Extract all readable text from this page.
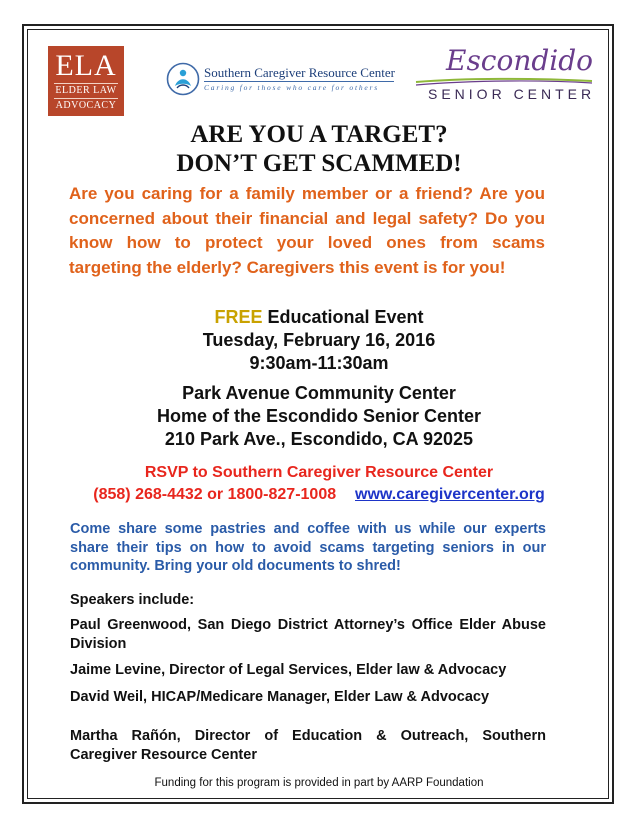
ELA
ELDER LAW
ADVOCACY
Southern Caregiver Resource Center
Caring for those who care for others
Escondido
SENIOR CENTER
ARE YOU A TARGET?
DON’T GET SCAMMED!

Are you caring for a family member or a friend? Are you concerned about their financial and legal safety? Do you know how to protect your loved ones from scams targeting the elderly? Caregivers this event is for you!

FREE Educational Event
Tuesday, February 16, 2016
9:30am-11:30am
Park Avenue Community Center
Home of the Escondido Senior Center
210 Park Ave., Escondido, CA 92025
RSVP to Southern Caregiver Resource Center
(858) 268-4432 or 1800-827-1008 www.caregivercenter.org

Come share some pastries and coffee with us while our experts share their tips on how to avoid scams targeting seniors in our community. Bring your old documents to shred!

Speakers include:

Paul Greenwood, San Diego District Attorney’s Office Elder Abuse Division

Jaime Levine, Director of Legal Services, Elder law & Advocacy

David Weil, HICAP/Medicare Manager, Elder Law & Advocacy

Martha Rañón, Director of Education & Outreach, Southern Caregiver Resource Center

Funding for this program is provided in part by AARP Foundation
